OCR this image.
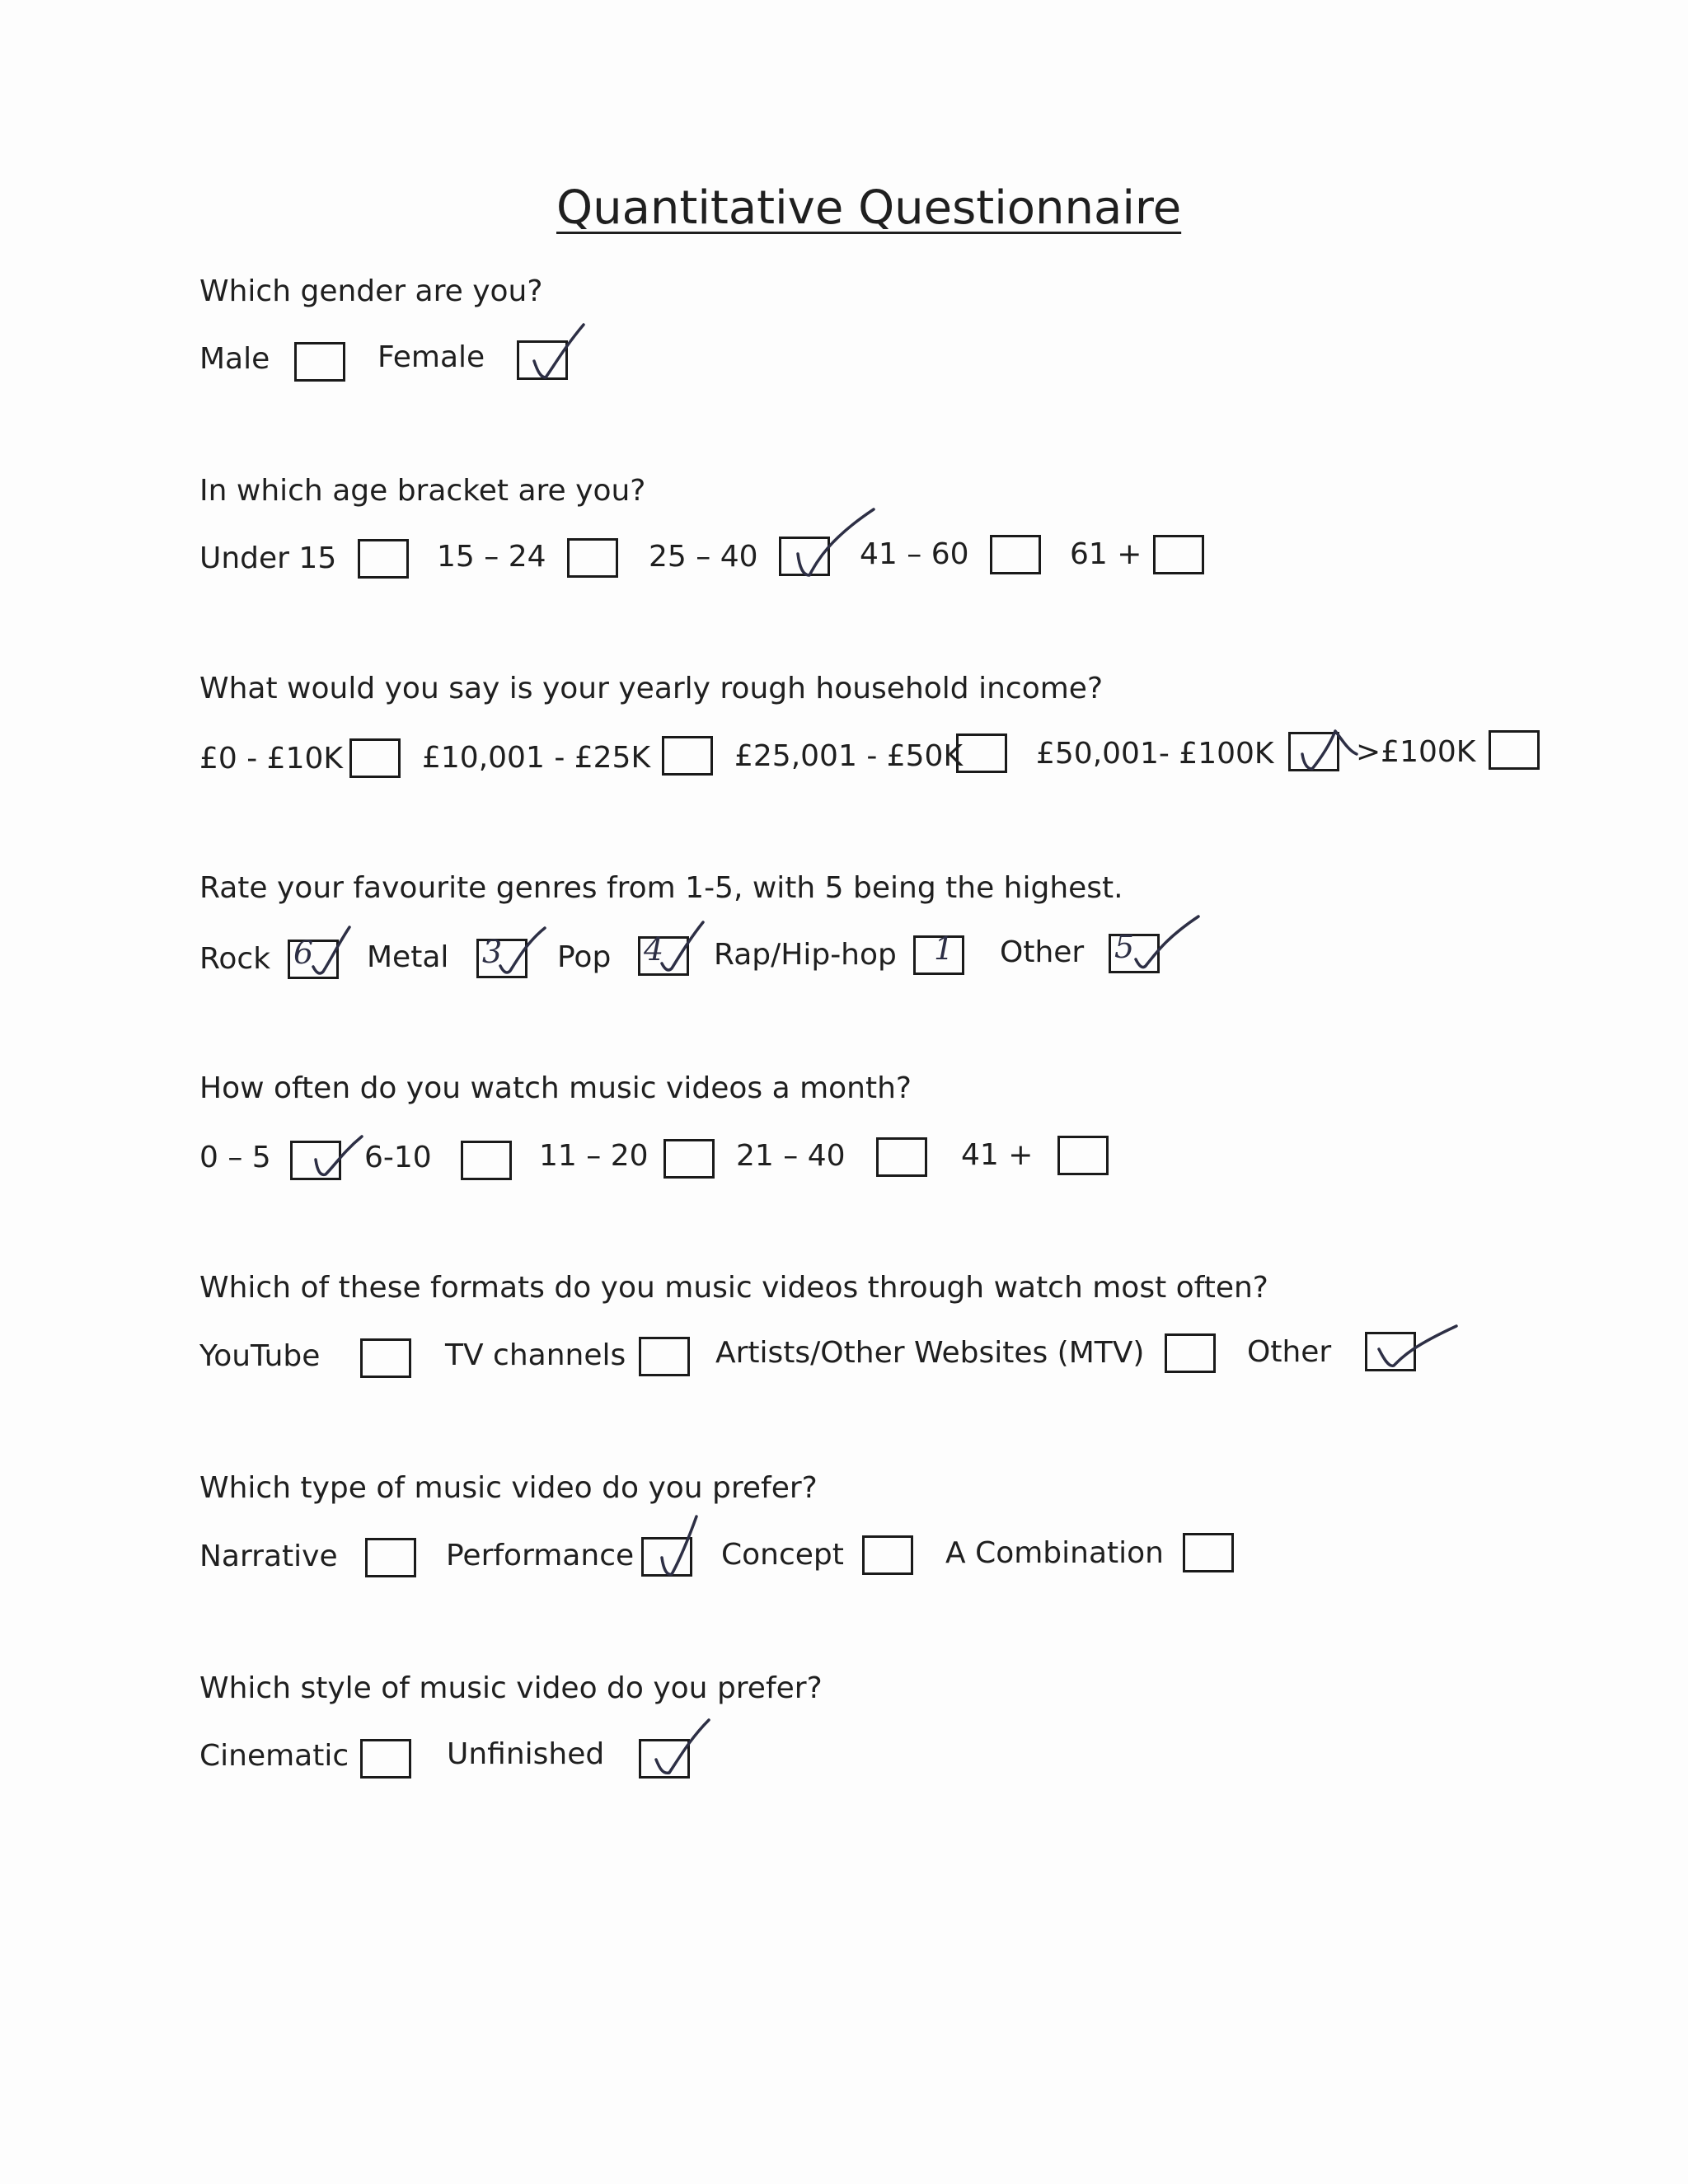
Quantitative Questionnaire
Which gender are you?
Male	Female
In which age bracket are you?
Under 15	15 – 24	25 – 40	41 – 60	61 +
What would you say is your yearly rough household income?
£0 - £10K	£10,001 - £25K	£25,001 - £50K £50,001- £100K	>£100K
Rate your favourite genres from 1-5, with 5 being the highest.
Rock 6 Metal 3 Pop 4 Rap/Hip-hop 1 Other 5
How often do you watch music videos a month?
0 – 5	6-10	11 – 20	21 – 40	41 +
Which of these formats do you music videos through watch most often?
YouTube	TV channels	Artists/Other Websites (MTV)	Other
Which type of music video do you prefer?
Narrative	Performance	Concept	A Combination
Which style of music video do you prefer?
Cinematic	Unfinished
